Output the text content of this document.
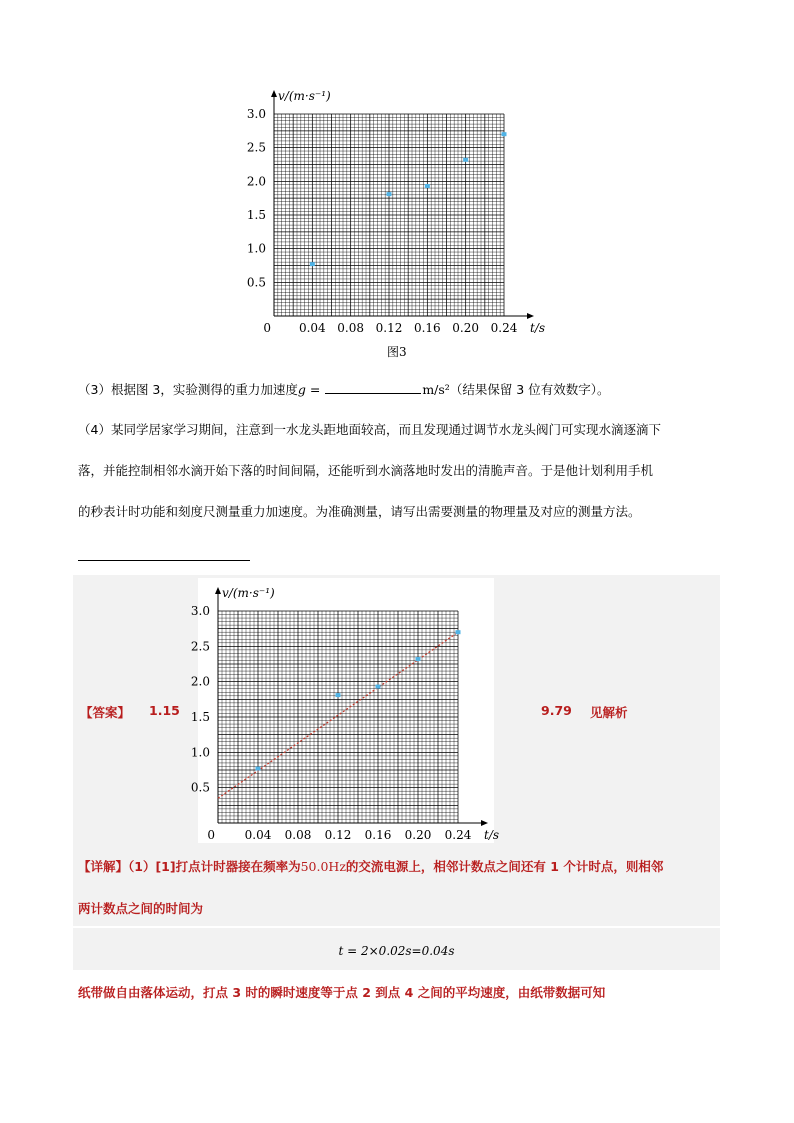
0.04 0.08 0.12 0.16 0.20 0.24
0.5
1.0
1.5
2.0
2.5
3.0
0
v/(m·s⁻¹)
t/s
图3
（3）根据图 3，实验测得的重力加速度g =	m/s²（结果保留 3 位有效数字）。
（4）某同学居家学习期间，注意到一水龙头距地面较高，而且发现通过调节水龙头阀门可实现水滴逐滴下
落，并能控制相邻水滴开始下落的时间间隔，还能听到水滴落地时发出的清脆声音。于是他计划利用手机
的秒表计时功能和刻度尺测量重力加速度。为准确测量，请写出需要测量的物理量及对应的测量方法。
0.04 0.08 0.12 0.16 0.20 0.24
0.5
1.0
1.5
2.0
2.5
3.0
0
v/(m·s⁻¹)
t/s
【答案】 1.15	9.79 见解析
【详解】（1）[1]打点计时器接在频率为50.0Hz的交流电源上，相邻计数点之间还有 1 个计时点，则相邻
两计数点之间的时间为
t = 2×0.02s=0.04s
纸带做自由落体运动，打点 3 时的瞬时速度等于点 2 到点 4 之间的平均速度，由纸带数据可知
